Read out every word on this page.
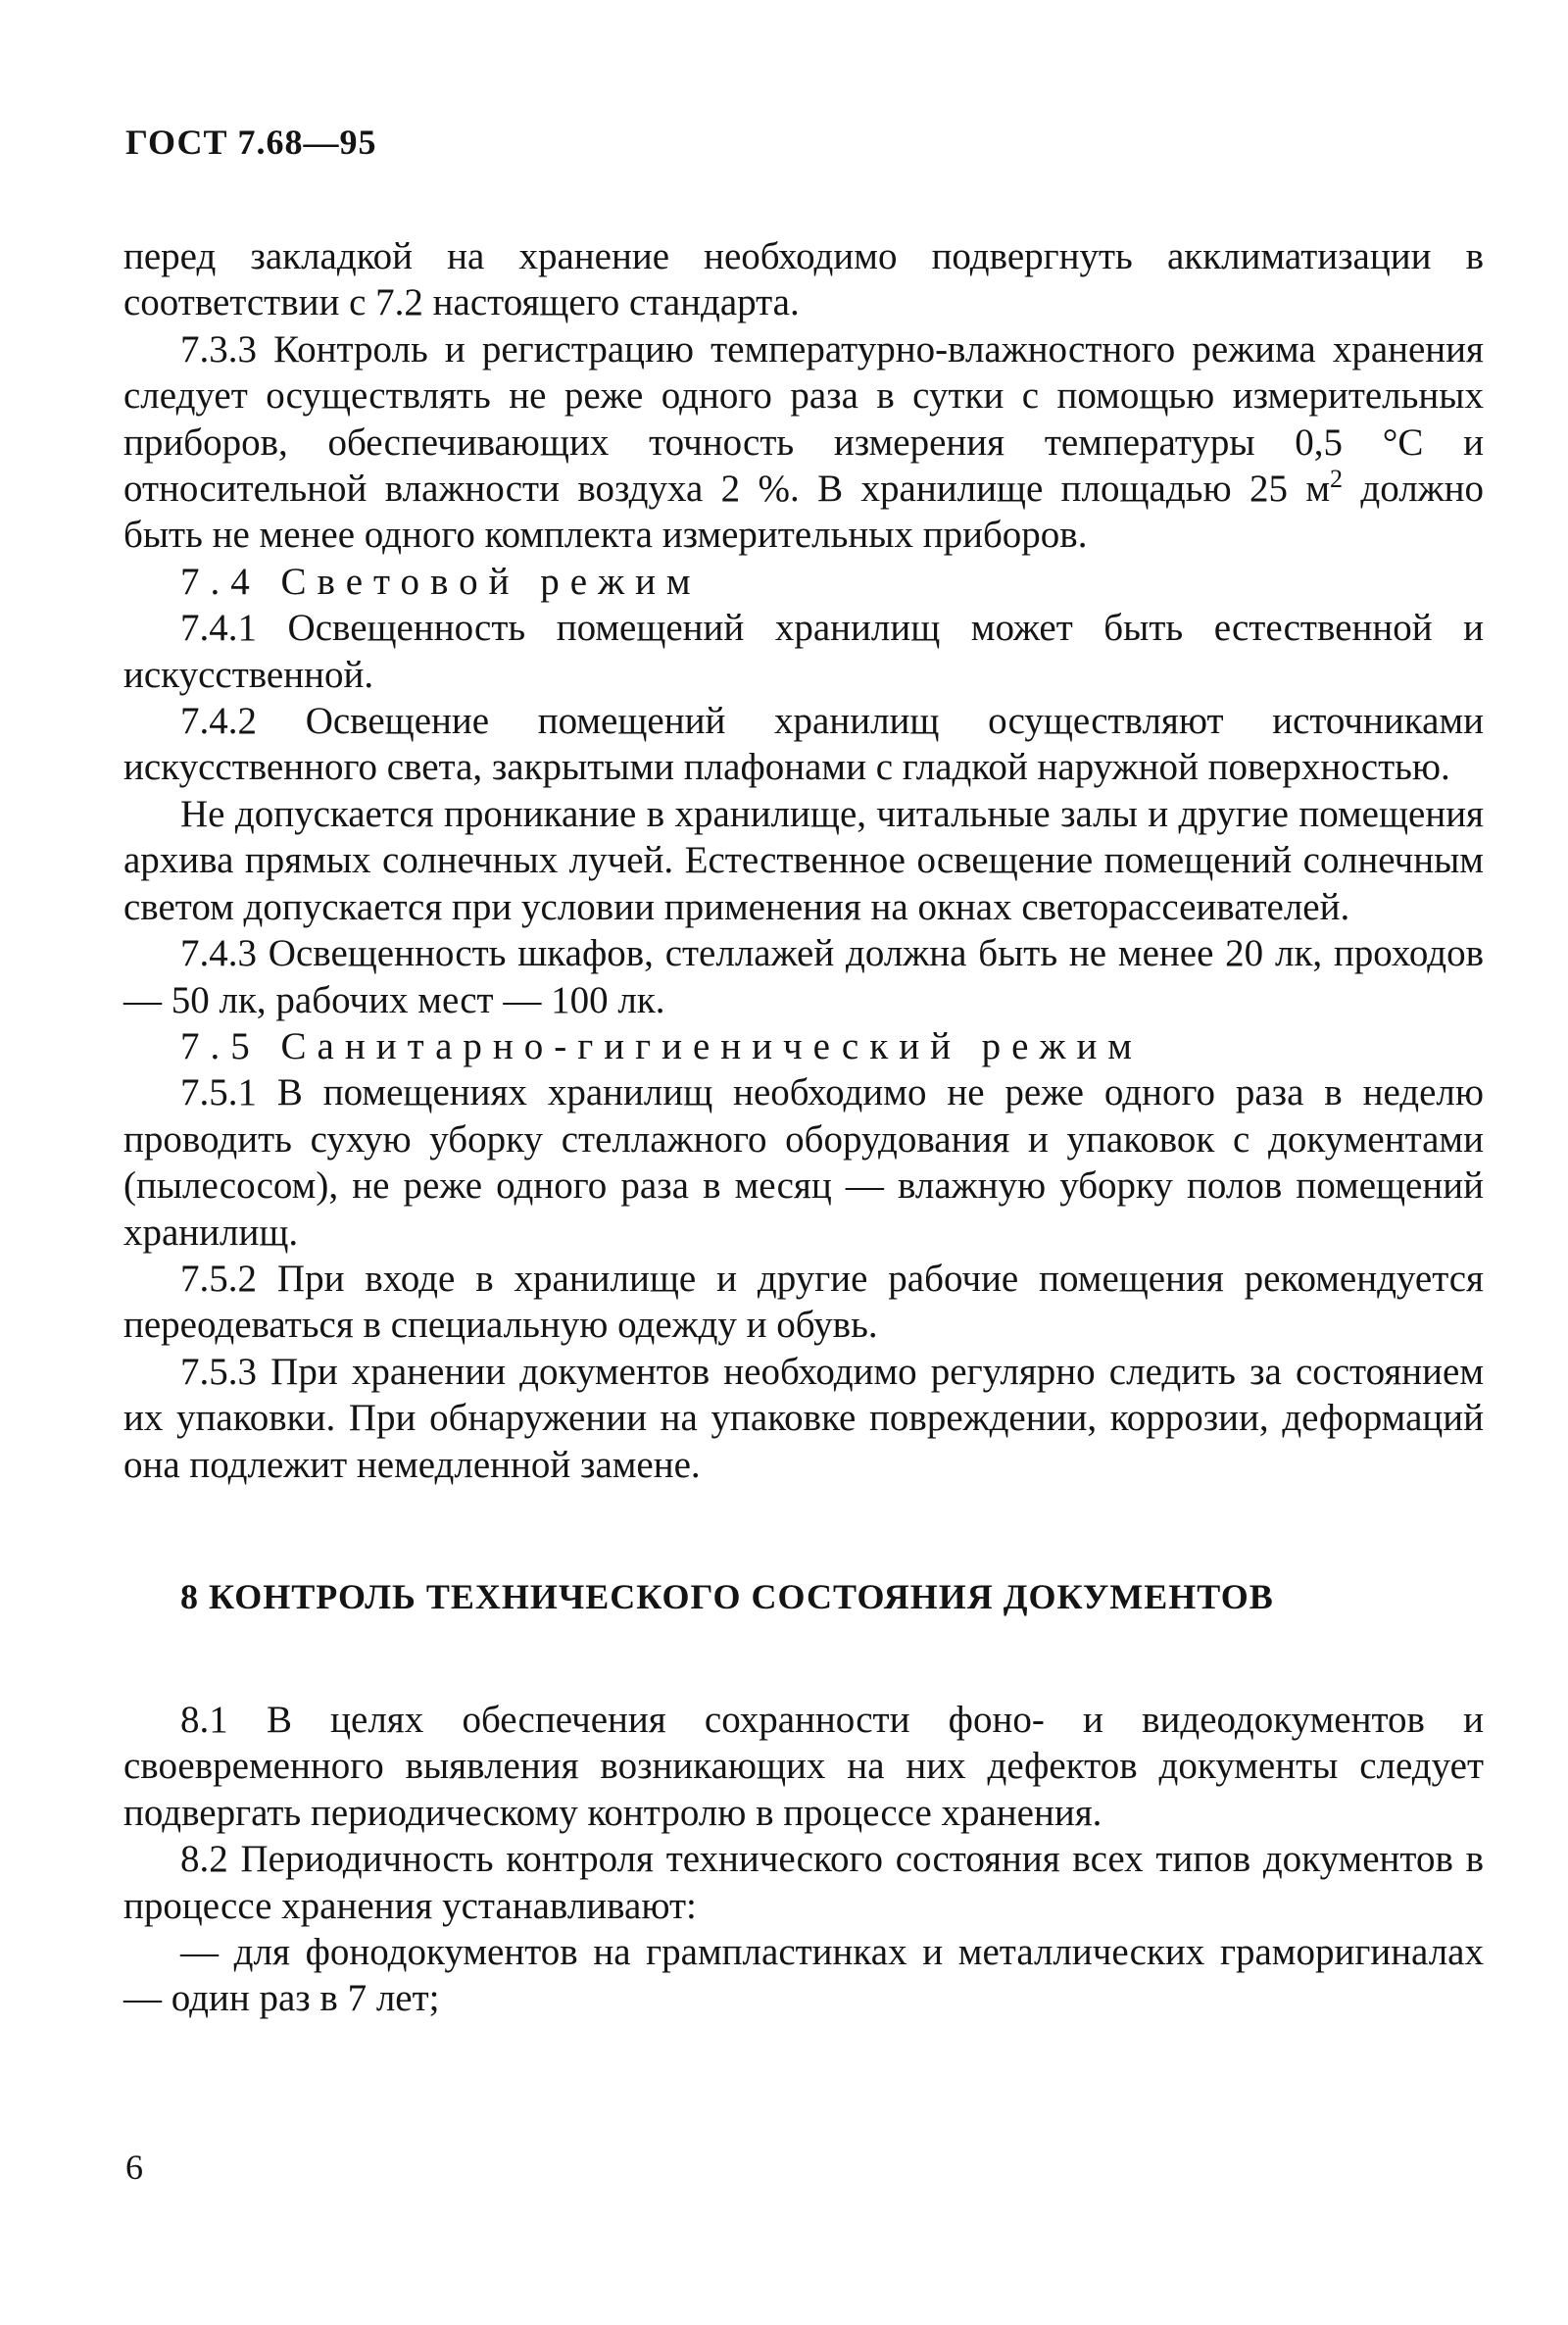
ГОСТ 7.68—95

перед закладкой на хранение необходимо подвергнуть акклиматизации в соответствии с 7.2 настоящего стандарта.

7.3.3 Контроль и регистрацию температурно-влажностного режима хранения следует осуществлять не реже одного раза в сутки с помощью измерительных приборов, обеспечивающих точность измерения температуры 0,5 °С и относительной влажности воздуха 2 %. В хранилище площадью 25 $м^2$ должно быть не менее одного комплекта измерительных приборов.

7.4 Световой режим

7.4.1 Освещенность помещений хранилищ может быть естественной и искусственной.

7.4.2 Освещение помещений хранилищ осуществляют источниками искусственного света, закрытыми плафонами с гладкой наружной поверхностью.

Не допускается проникание в хранилище, читальные залы и другие помещения архива прямых солнечных лучей. Естественное освещение помещений солнечным светом допускается при условии применения на окнах светорассеивателей.

7.4.3 Освещенность шкафов, стеллажей должна быть не менее 20 лк, проходов — 50 лк, рабочих мест — 100 лк.

7.5 Санитарно-гигиенический режим

7.5.1 В помещениях хранилищ необходимо не реже одного раза в неделю проводить сухую уборку стеллажного оборудования и упаковок с документами (пылесосом), не реже одного раза в месяц — влажную уборку полов помещений хранилищ.

7.5.2 При входе в хранилище и другие рабочие помещения рекомендуется переодеваться в специальную одежду и обувь.

7.5.3 При хранении документов необходимо регулярно следить за состоянием их упаковки. При обнаружении на упаковке повреждении, коррозии, деформаций она подлежит немедленной замене.

8 КОНТРОЛЬ ТЕХНИЧЕСКОГО СОСТОЯНИЯ ДОКУМЕНТОВ

8.1 В целях обеспечения сохранности фоно- и видеодокументов и своевременного выявления возникающих на них дефектов документы следует подвергать периодическому контролю в процессе хранения.

8.2 Периодичность контроля технического состояния всех типов документов в процессе хранения устанавливают:

— для фонодокументов на грампластинках и металлических граморигиналах — один раз в 7 лет;

6
